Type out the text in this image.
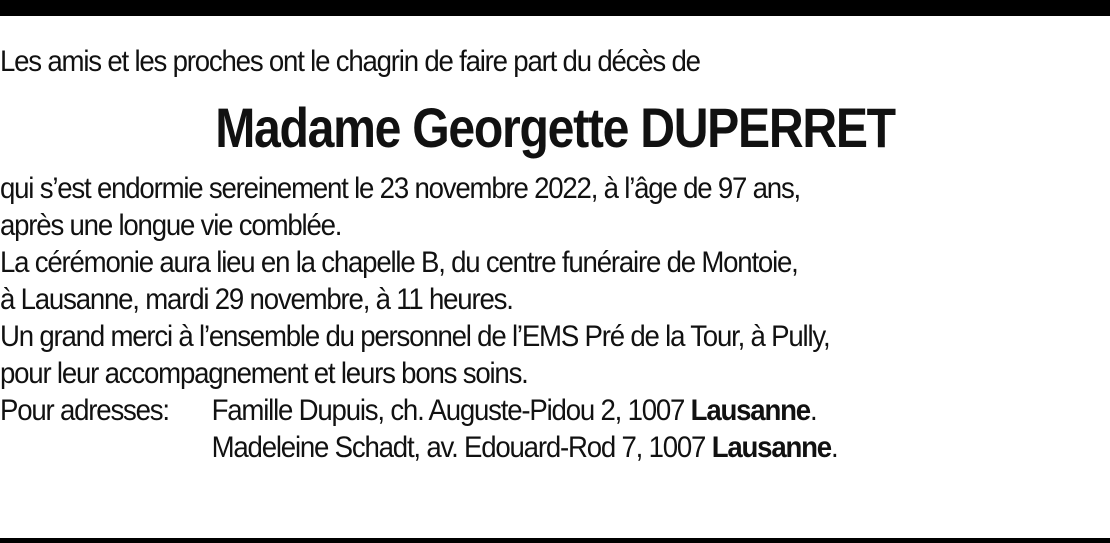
Les amis et les proches ont le chagrin de faire part du décès de
Madame Georgette DUPERRET
qui s’est endormie sereinement le 23 novembre 2022, à l’âge de 97 ans,
après une longue vie comblée.
La cérémonie aura lieu en la chapelle B, du centre funéraire de Montoie,
à Lausanne, mardi 29 novembre, à 11 heures.
Un grand merci à l’ensemble du personnel de l’EMS Pré de la Tour, à Pully,
pour leur accompagnement et leurs bons soins.
Pour adresses:	Famille Dupuis, ch. Auguste-Pidou 2, 1007 Lausanne.
Madeleine Schadt, av. Edouard-Rod 7, 1007 Lausanne.
